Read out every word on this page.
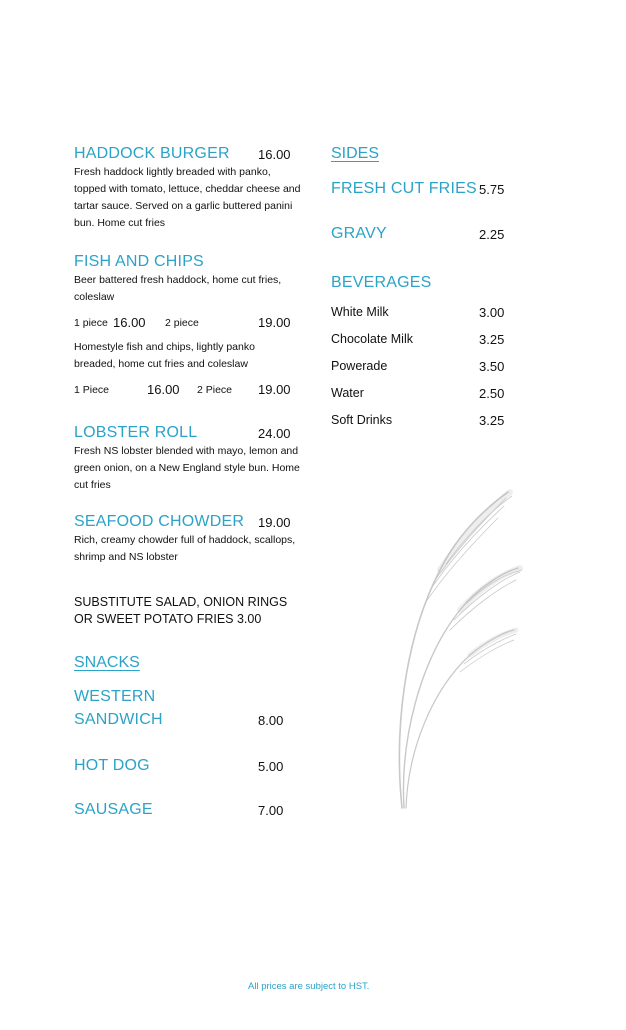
HADDOCK BURGER 16.00
Fresh haddock lightly breaded with panko, topped with tomato, lettuce, cheddar cheese and tartar sauce. Served on a garlic buttered panini bun. Home cut fries
FISH AND CHIPS
Beer battered fresh haddock, home cut fries, coleslaw
1 piece 16.00 2 piece	19.00
Homestyle fish and chips, lightly panko breaded, home cut fries and coleslaw
1 Piece	16.00 2 Piece 19.00
LOBSTER ROLL	24.00
Fresh NS lobster blended with mayo, lemon and green onion, on a New England style bun. Home cut fries
SEAFOOD CHOWDER 19.00
Rich, creamy chowder full of haddock, scallops, shrimp and NS lobster
SUBSTITUTE SALAD, ONION RINGS OR SWEET POTATO FRIES 3.00
SNACKS
WESTERN
SANDWICH	8.00
HOT DOG	5.00
SAUSAGE	7.00
SIDES
FRESH CUT FRIES 5.75
GRAVY	2.25
BEVERAGES
White Milk	3.00
Chocolate Milk	3.25
Powerade	3.50
Water	2.50
Soft Drinks	3.25
All prices are subject to HST.
